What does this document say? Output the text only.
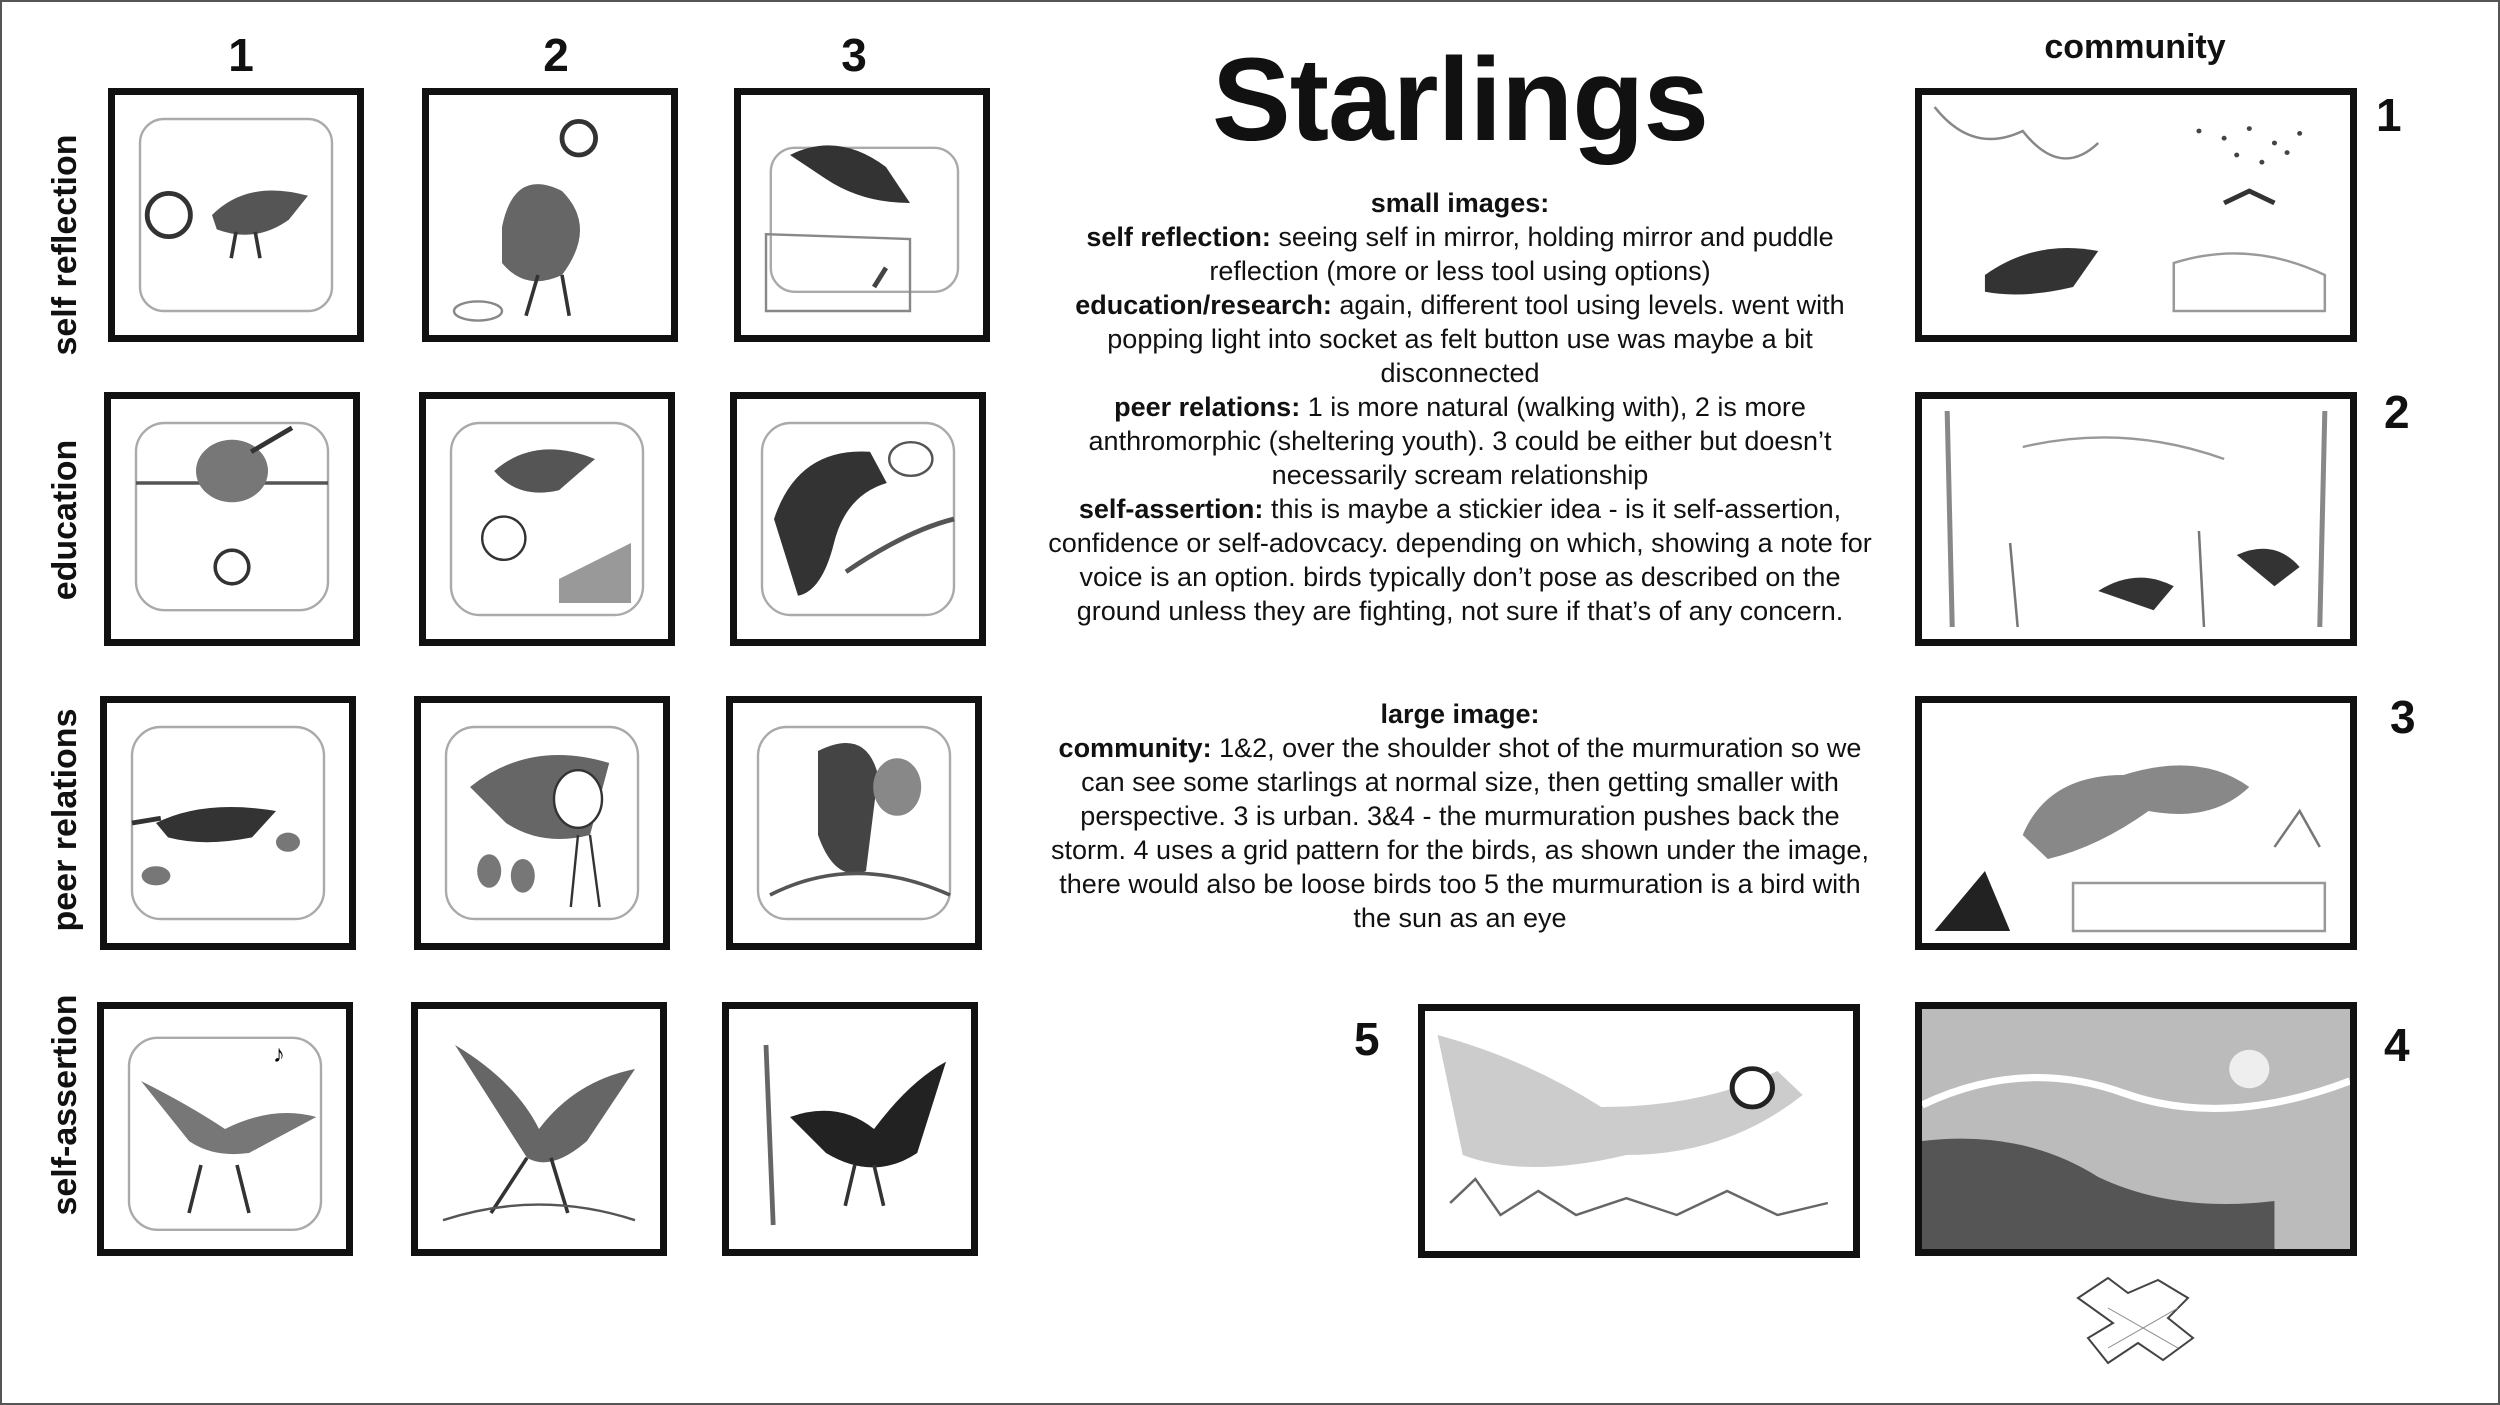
1	2	3
self reflection
education
peer relations
self-assertion	♪
Starlings

small images:

self reflection: seeing self in mirror, holding mirror and puddle reflection (more or less tool using options)

education/research: again, different tool using levels. went with popping light into socket as felt button use was maybe a bit disconnected

peer relations: 1 is more natural (walking with), 2 is more anthromorphic (sheltering youth). 3 could be either but doesn’t necessarily scream relationship

self-assertion: this is maybe a stickier idea - is it self-assertion, confidence or self-adovcacy. depending on which, showing a note for voice is an option. birds typically don’t pose as described on the ground unless they are fighting, not sure if that’s of any concern.

large image:

community: 1&2, over the shoulder shot of the murmuration so we can see some starlings at normal size, then getting smaller with perspective. 3 is urban. 3&4 - the murmuration pushes back the storm. 4 uses a grid pattern for the birds, as shown under the image, there would also be loose birds too 5 the murmuration is a bird with the sun as an eye

community
1
2
3
4
5
